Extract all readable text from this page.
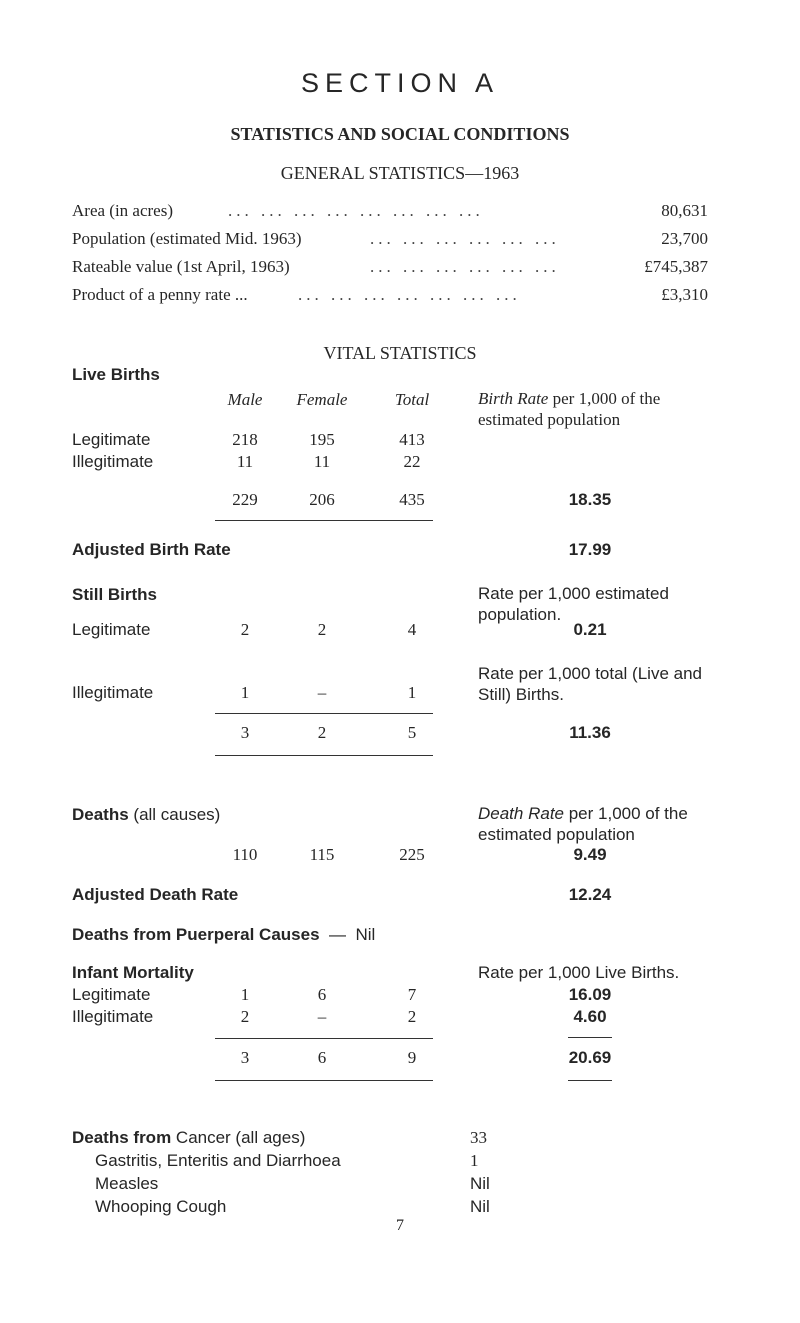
SECTION A
STATISTICS AND SOCIAL CONDITIONS
GENERAL STATISTICS—1963
Area (in acres)	... ... ... ... ... ... ... ...	80,631
Population (estimated Mid. 1963)	... ... ... ... ... ...	23,700
Rateable value (1st April, 1963)	... ... ... ... ... ...	£745,387
Product of a penny rate ...	... ... ... ... ... ... ...	£3,310
VITAL STATISTICS
Live Births
Male	Female	Total	Birth Rate per 1,000 of the estimated population
Legitimate	218	195	413
Illegitimate	11	11	22
229	206	435	18.35
Adjusted Birth Rate	17.99
Still Births	Rate per 1,000 estimated population.
Legitimate	2	2	4	0.21
Rate per 1,000 total (Live and Still) Births.
Illegitimate	1	–	1
3	2	5	11.36
Deaths (all causes)	Death Rate per 1,000 of the estimated population
110	115	225	9.49
Adjusted Death Rate	12.24
Deaths from Puerperal Causes — Nil
Infant Mortality	Rate per 1,000 Live Births.
Legitimate	1	6	7	16.09
Illegitimate	2	–	2	4.60
3	6	9	20.69
Deaths from Cancer (all ages)	33
Gastritis, Enteritis and Diarrhoea	1
Measles	Nil
Whooping Cough	Nil
7
